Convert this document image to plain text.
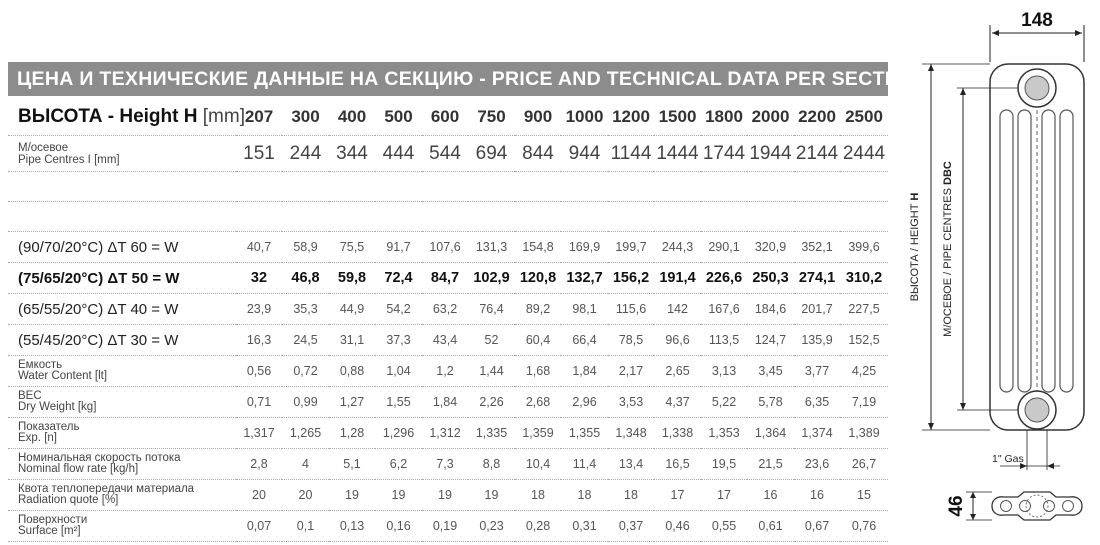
ЦЕНА И ТЕХНИЧЕСКИЕ ДАННЫЕ НА СЕКЦИЮ - PRICE AND TECHNICAL DATA PER SECTION
ВЫСОТА - Height H [mm]	207	300	400	500	600	750	900	1000	1200	1500	1800	2000	2200	2500

М/осевое
Pipe Centres I [mm]	151	244	344	444	544	694	844	944	1144	1444	1744	1944	2144	2444

(90/70/20°C) ΔT 60 = W	40,7	58,9	75,5	91,7	107,6	131,3	154,8	169,9	199,7	244,3	290,1	320,9	352,1	399,6
(75/65/20°C) ΔT 50 = W	32	46,8	59,8	72,4	84,7	102,9	120,8	132,7	156,2	191,4	226,6	250,3	274,1	310,2
(65/55/20°C) ΔT 40 = W	23,9	35,3	44,9	54,2	63,2	76,4	89,2	98,1	115,6	142	167,6	184,6	201,7	227,5
(55/45/20°C) ΔT 30 = W	16,3	24,5	31,1	37,3	43,4	52	60,4	66,4	78,5	96,6	113,5	124,7	135,9	152,5

Емкость
Water Content [lt]	0,56	0,72	0,88	1,04	1,2	1,44	1,68	1,84	2,17	2,65	3,13	3,45	3,77	4,25

ВЕС
Dry Weight [kg]	0,71	0,99	1,27	1,55	1,84	2,26	2,68	2,96	3,53	4,37	5,22	5,78	6,35	7,19

Показатель
Exp. [n]	1,317	1,265	1,28	1,296	1,312	1,335	1,359	1,355	1,348	1,338	1,353	1,364	1,374	1,389

Номинальная скорость потока
Nominal flow rate [kg/h]	2,8	4	5,1	6,2	7,3	8,8	10,4	11,4	13,4	16,5	19,5	21,5	23,6	26,7

Квота теплопередачи материала
Radiation quote [%]	20	20	19	19	19	19	18	18	18	17	17	16	16	15

Поверхности
Surface [m²]	0,07	0,1	0,13	0,16	0,19	0,23	0,28	0,31	0,37	0,46	0,55	0,61	0,67	0,76
148
ВЫСОТА / HEIGHT H М/ОСЕВОЕ / PIPE CENTRES DBC
1" Gas
46
